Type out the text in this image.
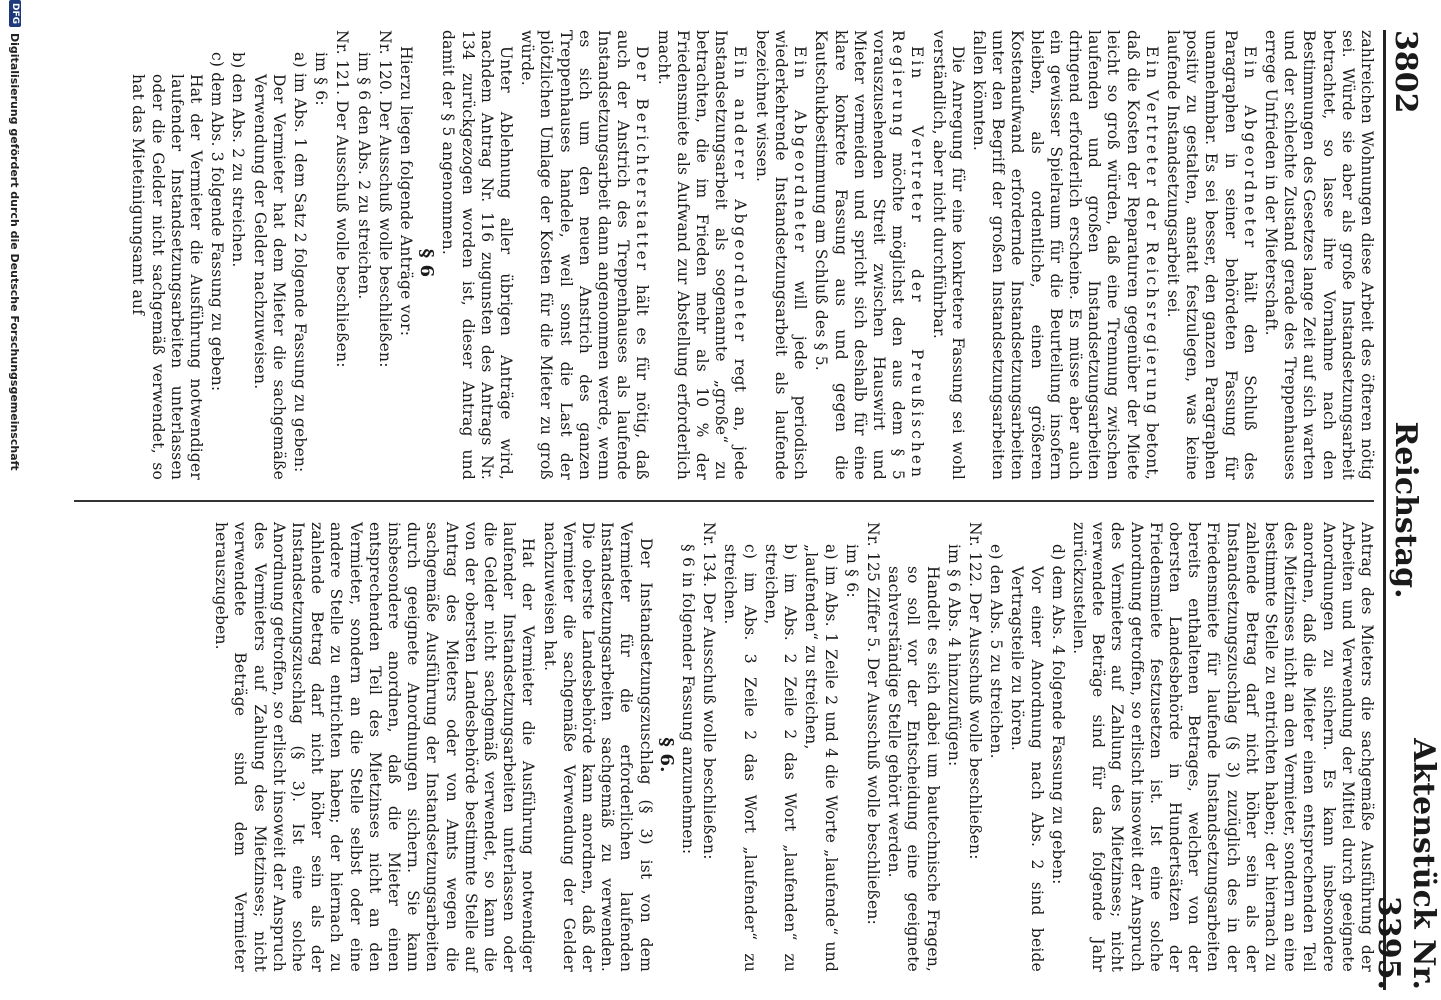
3802
Reichstag.
Aktenstück Nr. 3395.

zahlreichen Wohnungen diese Arbeit des öfteren nötig sei. Würde sie aber als große Instandsetzungsarbeit betrachtet, so lasse ihre Vornahme nach den Bestimmungen des Gesetzes lange Zeit auf sich warten und der schlechte Zustand gerade des Treppenhauses errege Unfrieden in der Mieterschaft.

Ein Abgeordneter hält den Schluß des Paragraphen in seiner behördeten Fassung für unannehmbar. Es sei besser, den ganzen Paragraphen positiv zu gestalten, anstatt festzulegen, was keine laufende Instandsetzungsarbeit sei.

Ein Vertreter der Reichsregierung betont, daß die Kosten der Reparaturen gegenüber der Miete leicht so groß würden, daß eine Trennung zwischen laufenden und großen Instandsetzungsarbeiten dringend erforderlich erscheine. Es müsse aber auch ein gewisser Spielraum für die Beurteilung insofern bleiben, als ordentliche, einen größeren Kostenaufwand erfordernde Instandsetzungsarbeiten unter den Begriff der großen Instandsetzungsarbeiten fallen könnten.

Die Anregung für eine konkretere Fassung sei wohl verständlich, aber nicht durchführbar.

Ein Vertreter der Preußischen Regierung möchte möglichst den aus dem § 5 vorauszusehenden Streit zwischen Hauswirt und Mieter vermeiden und spricht sich deshalb für eine klare konkrete Fassung aus und gegen die Kautschukbestimmung am Schluß des § 5.

Ein Abgeordneter will jede periodisch wiederkehrende Instandsetzungsarbeit als laufende bezeichnet wissen.

Ein anderer Abgeordneter regt an, jede Instandsetzungsarbeit als sogenannte „große“ zu betrachten, die im Frieden mehr als 10 % der Friedensmiete als Aufwand zur Abstellung erforderlich macht.

Der Berichterstatter hält es für nötig, daß auch der Anstrich des Treppenhauses als laufende Instandsetzungsarbeit dann angenommen werde, wenn es sich um den neuen Anstrich des ganzen Treppenhauses handele, weil sonst die Last der plötzlichen Umlage der Kosten für die Mieter zu groß würde.

Unter Ablehnung aller übrigen Anträge wird, nachdem Antrag Nr. 116 zugunsten des Antrags Nr. 134 zurückgezogen worden ist, dieser Antrag und damit der § 5 angenommen.

§ 6

Hierzu liegen folgende Anträge vor:

Nr. 120. Der Ausschuß wolle beschließen:

im § 6 den Abs. 2 zu streichen.

Nr. 121. Der Ausschuß wolle beschließen:

im § 6:

a) im Abs. 1 dem Satz 2 folgende Fassung zu geben:

Der Vermieter hat dem Mieter die sachgemäße Verwendung der Gelder nachzuweisen.

b) den Abs. 2 zu streichen.

c) dem Abs. 3 folgende Fassung zu geben:

Hat der Vermieter die Ausführung notwendiger laufender Instandsetzungsarbeiten unterlassen oder die Gelder nicht sachgemäß verwendet, so hat das Mieteinigungsamt auf

Antrag des Mieters die sachgemäße Ausführung der Arbeiten und Verwendung der Mittel durch geeignete Anordnungen zu sichern. Es kann insbesondere anordnen, daß die Mieter einen entsprechenden Teil des Mietzinses nicht an den Vermieter, sondern an eine bestimmte Stelle zu entrichten haben; der hiernach zu zahlende Betrag darf nicht höher sein als der Instandsetzungszuschlag (§ 3) zuzüglich des in der Friedensmiete für laufende Instandsetzungsarbeiten bereits enthaltenen Betrages, welcher von der obersten Landesbehörde in Hundertsätzen der Friedensmiete festzusetzen ist. Ist eine solche Anordnung getroffen, so erlischt insoweit der Anspruch des Vermieters auf Zahlung des Mietzinses; nicht verwendete Beträge sind für das folgende Jahr zurückzustellen.

d) dem Abs. 4 folgende Fassung zu geben:

Vor einer Anordnung nach Abs. 2 sind beide Vertragsteile zu hören.

e) den Abs. 5 zu streichen.

Nr. 122. Der Ausschuß wolle beschließen:

im § 6 Abs. 4 hinzuzufügen:

Handelt es sich dabei um bautechnische Fragen, so soll vor der Entscheidung eine geeignete sachverständige Stelle gehört werden.

Nr. 125 Ziffer 5. Der Ausschuß wolle beschließen:

im § 6:

a) im Abs. 1 Zeile 2 und 4 die Worte „laufende“ und „laufenden“ zu streichen,

b) im Abs. 2 Zeile 2 das Wort „laufenden“ zu streichen,

c) im Abs. 3 Zeile 2 das Wort „laufender“ zu streichen.

Nr. 134. Der Ausschuß wolle beschließen:

§ 6 in folgender Fassung anzunehmen:

§ 6.

Der Instandsetzungszuschlag (§ 3) ist von dem Vermieter für die erforderlichen laufenden Instandsetzungsarbeiten sachgemäß zu verwenden. Die oberste Landesbehörde kann anordnen, daß der Vermieter die sachgemäße Verwendung der Gelder nachzuweisen hat.

Hat der Vermieter die Ausführung notwendiger laufender Instandsetzungsarbeiten unterlassen oder die Gelder nicht sachgemäß verwendet, so kann die von der obersten Landesbehörde bestimmte Stelle auf Antrag des Mieters oder von Amts wegen die sachgemäße Ausführung der Instandsetzungsarbeiten durch geeignete Anordnungen sichern. Sie kann insbesondere anordnen, daß die Mieter einen entsprechenden Teil des Mietzinses nicht an den Vermieter, sondern an die Stelle selbst oder eine andere Stelle zu entrichten haben; der hiernach zu zahlende Betrag darf nicht höher sein als der Instandsetzungszuschlag (§ 3). Ist eine solche Anordnung getroffen, so erlischt insoweit der Anspruch des Vermieters auf Zahlung des Mietzinses; nicht verwendete Beträge sind dem Vermieter herauszugeben.

DFG
Digitalisierung gefördert durch die Deutsche Forschungsgemeinschaft
